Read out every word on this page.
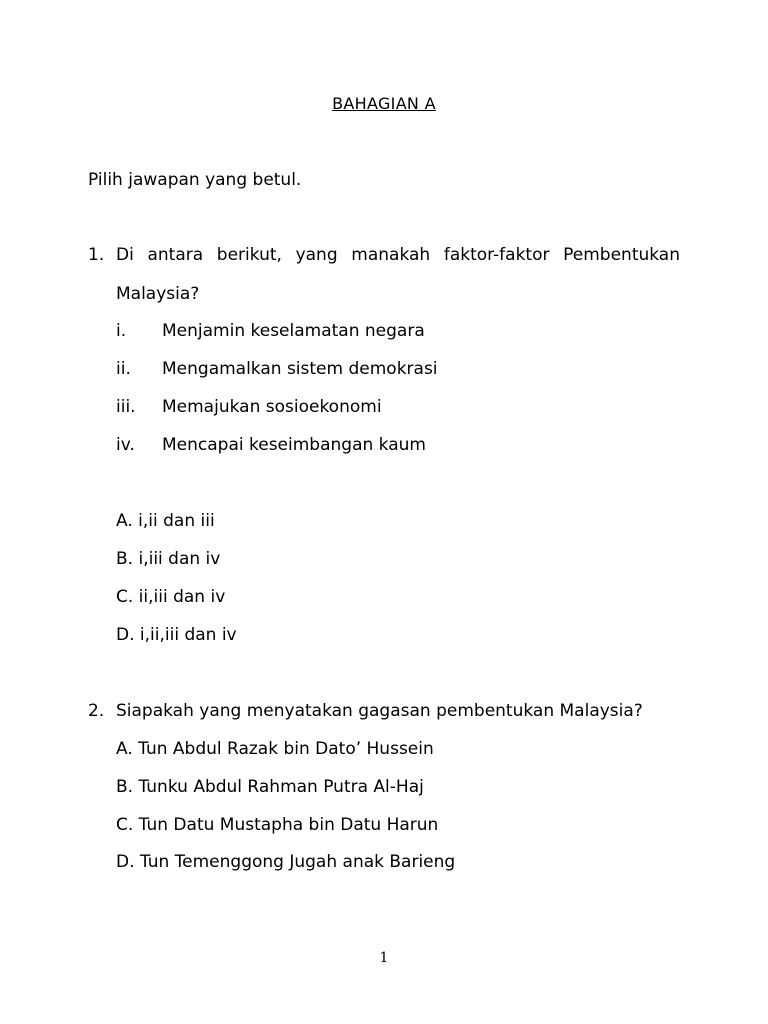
BAHAGIAN A
Pilih jawapan yang betul.
1. Di antara berikut, yang manakah faktor-faktor Pembentukan
Malaysia?
i. Menjamin keselamatan negara
ii. Mengamalkan sistem demokrasi
iii. Memajukan sosioekonomi
iv. Mencapai keseimbangan kaum
A. i,ii dan iii
B. i,iii dan iv
C. ii,iii dan iv
D. i,ii,iii dan iv
2. Siapakah yang menyatakan gagasan pembentukan Malaysia?
A. Tun Abdul Razak bin Dato’ Hussein
B. Tunku Abdul Rahman Putra Al-Haj
C. Tun Datu Mustapha bin Datu Harun
D. Tun Temenggong Jugah anak Barieng
1
